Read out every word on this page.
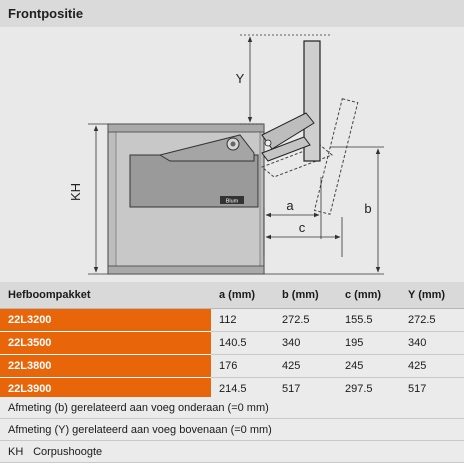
Frontpositie
Blum
Y
KH
a
c
b
Hefboompakket	a (mm)	b (mm)	c (mm)	Y (mm)
22L3200	112	272.5	155.5	272.5
22L3500	140.5	340	195	340
22L3800	176	425	245	425
22L3900	214.5	517	297.5	517
Afmeting (b) gerelateerd aan voeg onderaan (=0 mm)
Afmeting (Y) gerelateerd aan voeg bovenaan (=0 mm)
KH Corpushoogte
